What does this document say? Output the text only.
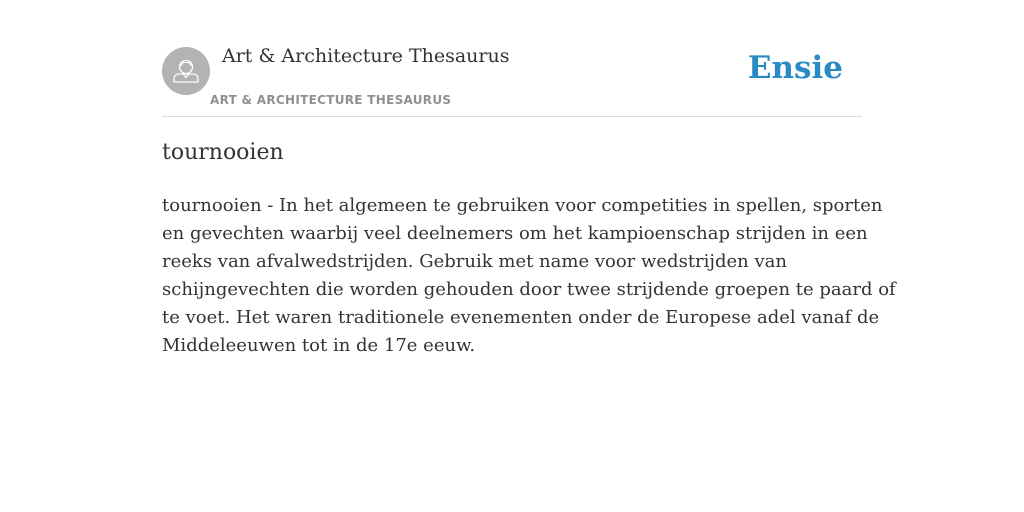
Art & Architecture Thesaurus
ART & ARCHITECTURE THESAURUS
Ensie
tournooien

tournooien - In het algemeen te gebruiken voor competities in spellen, sporten
en gevechten waarbij veel deelnemers om het kampioenschap strijden in een
reeks van afvalwedstrijden. Gebruik met name voor wedstrijden van
schijngevechten die worden gehouden door twee strijdende groepen te paard of
te voet. Het waren traditionele evenementen onder de Europese adel vanaf de
Middeleeuwen tot in de 17e eeuw.
